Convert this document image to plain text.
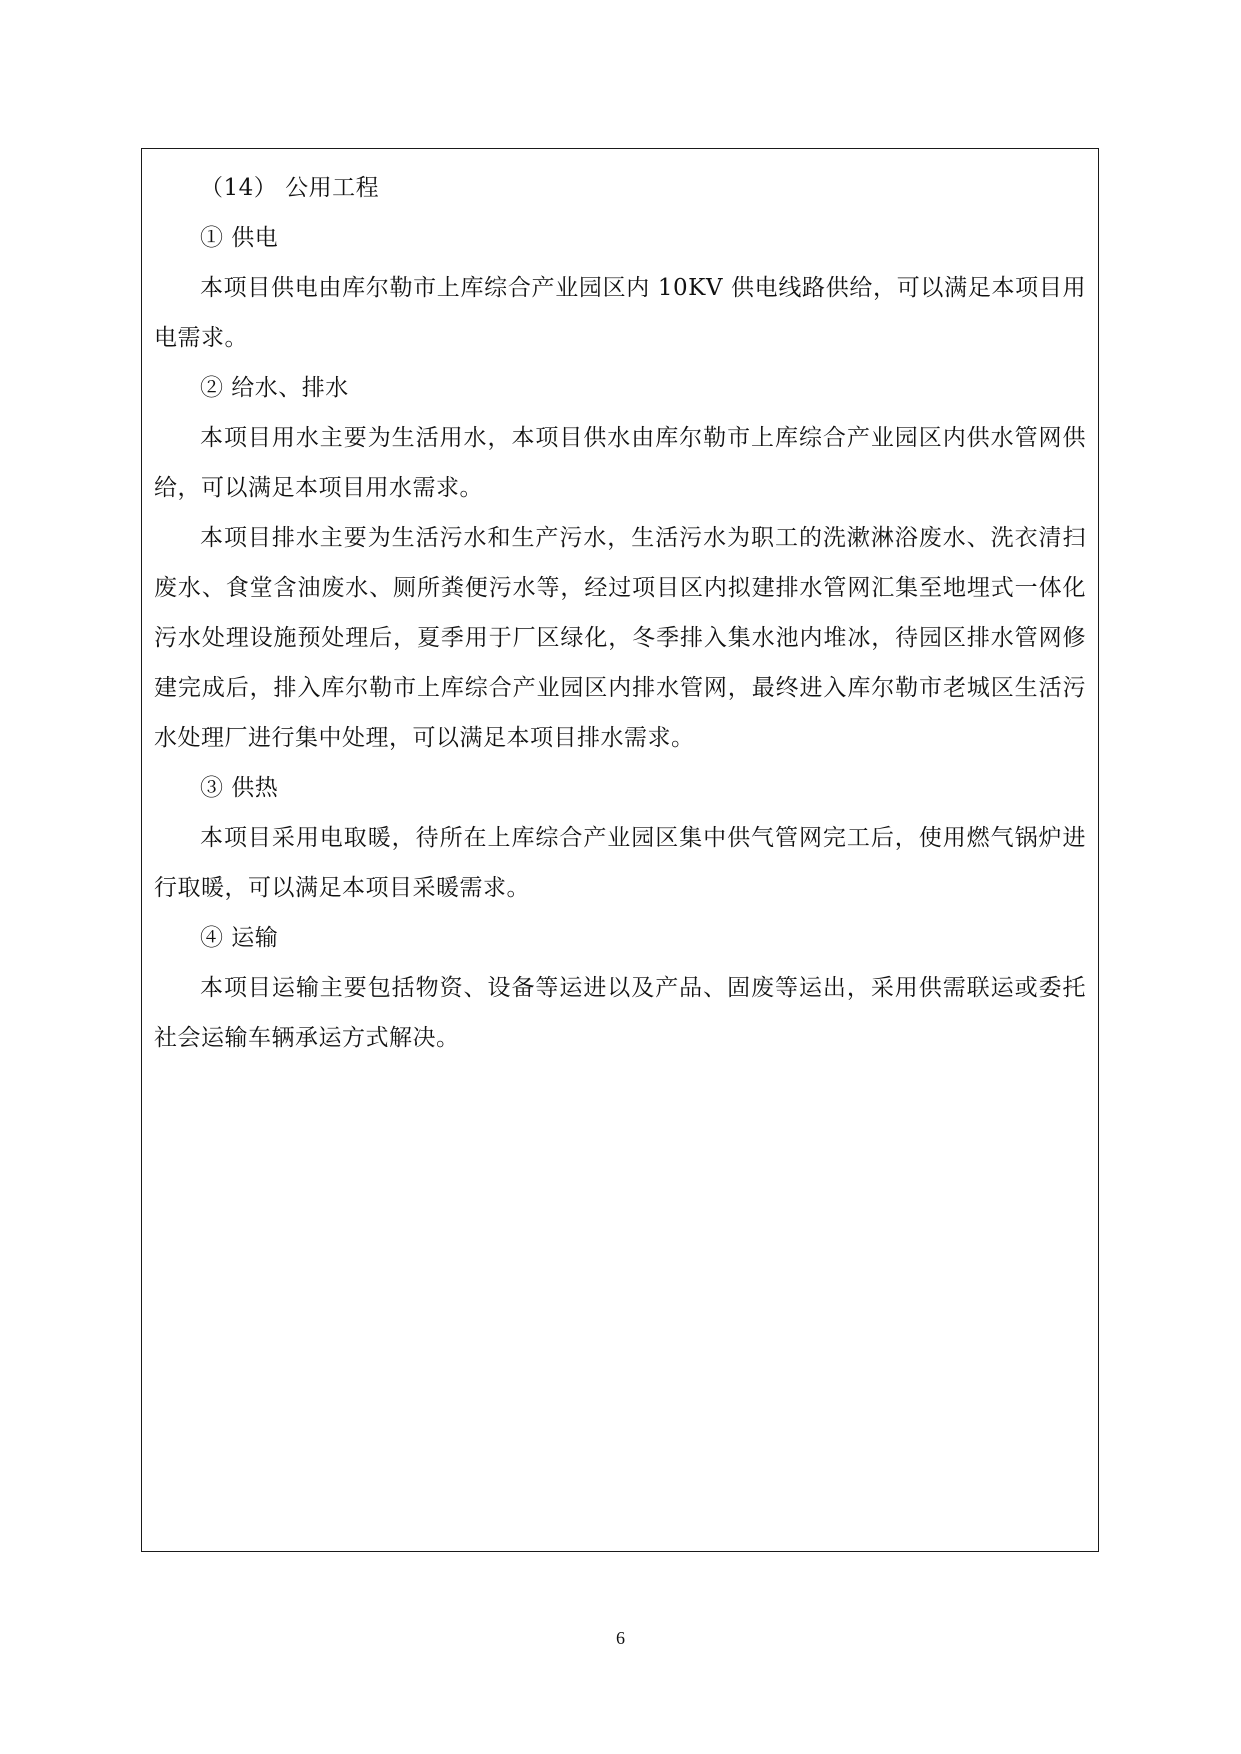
（14） 公用工程

① 供电

本项目供电由库尔勒市上库综合产业园区内 10KV 供电线路供给，可以满足本项目用电需求。

② 给水、排水

本项目用水主要为生活用水，本项目供水由库尔勒市上库综合产业园区内供水管网供给，可以满足本项目用水需求。

本项目排水主要为生活污水和生产污水，生活污水为职工的洗漱淋浴废水、洗衣清扫废水、食堂含油废水、厕所粪便污水等，经过项目区内拟建排水管网汇集至地埋式一体化污水处理设施预处理后，夏季用于厂区绿化，冬季排入集水池内堆冰，待园区排水管网修建完成后，排入库尔勒市上库综合产业园区内排水管网，最终进入库尔勒市老城区生活污水处理厂进行集中处理，可以满足本项目排水需求。

③ 供热

本项目采用电取暖，待所在上库综合产业园区集中供气管网完工后，使用燃气锅炉进行取暖，可以满足本项目采暖需求。

④ 运输

本项目运输主要包括物资、设备等运进以及产品、固废等运出，采用供需联运或委托社会运输车辆承运方式解决。

6
